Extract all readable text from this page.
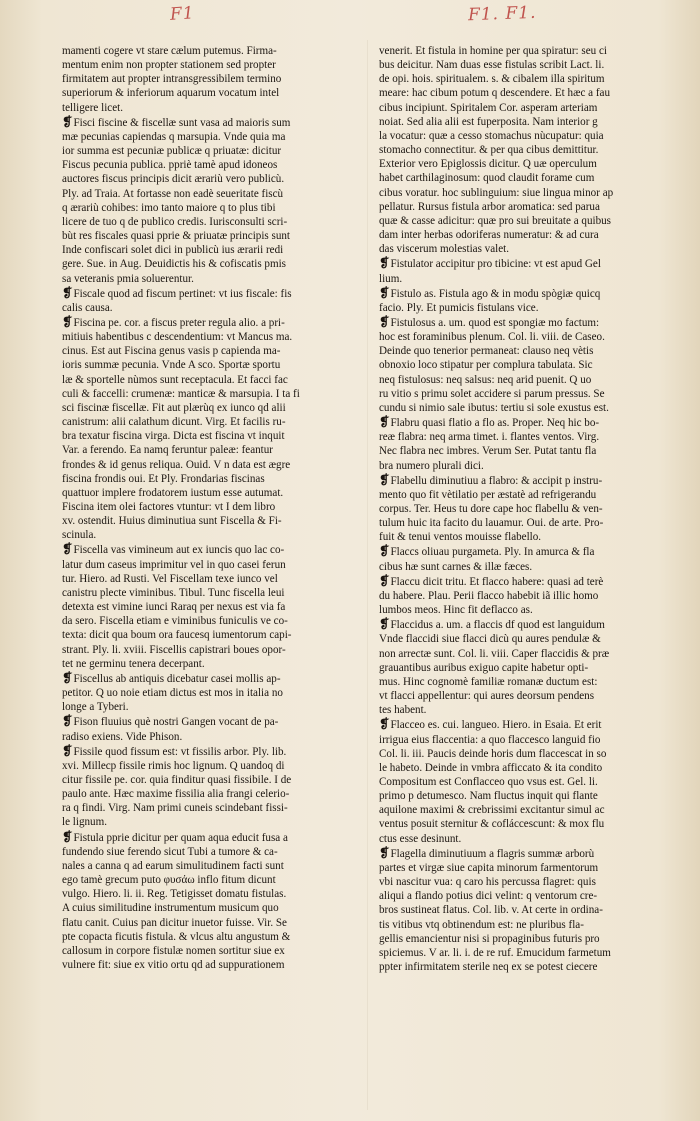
F1	F1. F1.
mamenti cogere vt stare cælum putemus. Firma-
mentum enim non propter stationem sed propter
firmitatem aut propter intransgressibilem termino
superiorum & inferiorum aquarum vocatum intel
telligere licet.
❡Fisci fiscine & fiscellæ sunt vasa ad maioris sum
mæ pecunias capiendas q marsupia. Vnde quia ma
ior summa est pecuniæ publicæ q priuatæ: dicitur
Fiscus pecunia publica. ppriè tamè apud idoneos
auctores fiscus principis dicit ærariù vero publicù.
Ply. ad Traia. At fortasse non eadè seueritate fiscù
q ærariù cohibes: imo tanto maiore q to plus tibi
licere de tuo q de publico credis. Iurisconsulti scri-
bùt res fiscales quasi pprie & priuatæ principis sunt
Inde confiscari solet dici in publicù ius ærarii redi
gere. Sue. in Aug. Deuidictis his & cofiscatis pmis
sa veteranis pmia soluerentur.
❡Fiscale quod ad fiscum pertinet: vt ius fiscale: fis
calis causa.
❡Fiscina pe. cor. a fiscus preter regula alio. a pri-
mitiuis habentibus c descendentium: vt Mancus ma.
cinus. Est aut Fiscina genus vasis p capienda ma-
ioris summæ pecunia. Vnde A sco. Sportæ sportu
læ & sportelle nùmos sunt receptacula. Et facci fac
culi & faccelli: crumenæ: manticæ & marsupia. I ta fi
sci fiscinæ fiscellæ. Fit aut plærùq ex iunco qd alii
canistrum: alii calathum dicunt. Virg. Et facilis ru-
bra texatur fiscina virga. Dicta est fiscina vt inquit
Var. a ferendo. Ea namq feruntur paleæ: feantur
frondes & id genus reliqua. Ouid. V n data est ægre
fiscina frondis oui. Et Ply. Frondarias fiscinas
quattuor implere frodatorem iustum esse autumat.
Fiscina item olei factores vtuntur: vt I dem libro
xv. ostendit. Huius diminutiua sunt Fiscella & Fi-
scinula.
❡Fiscella vas vimineum aut ex iuncis quo lac co-
latur dum caseus imprimitur vel in quo casei ferun
tur. Hiero. ad Rusti. Vel Fiscellam texe iunco vel
canistru plecte viminibus. Tibul. Tunc fiscella leui
detexta est vimine iunci Raraq per nexus est via fa
da sero. Fiscella etiam e viminibus funiculis ve co-
texta: dicit qua boum ora faucesq iumentorum capi-
strant. Ply. li. xviii. Fiscellis capistrari boues opor-
tet ne germinu tenera decerpant.
❡Fiscellus ab antiquis dicebatur casei mollis ap-
petitor. Q uo noie etiam dictus est mos in italia no
longe a Tyberi.
❡Fison fluuius què nostri Gangen vocant de pa-
radiso exiens. Vide Phison.
❡Fissile quod fissum est: vt fissilis arbor. Ply. lib.
xvi. Millecp fissile rimis hoc lignum. Q uandoq di
citur fissile pe. cor. quia finditur quasi fissibile. I de
paulo ante. Hæc maxime fissilia alia frangi celerio-
ra q findi. Virg. Nam primi cuneis scindebant fissi-
le lignum.
❡Fistula pprie dicitur per quam aqua educit fusa a
fundendo siue ferendo sicut Tubi a tumore & ca-
nales a canna q ad earum simulitudinem facti sunt
ego tamè grecum puto φυσάω inflo fitum dicunt
vulgo. Hiero. li. ii. Reg. Tetigisset domatu fistulas.
A cuius similitudine instrumentum musicum quo
flatu canit. Cuius pan dicitur inuetor fuisse. Vir. Se
pte copacta ficutis fistula. & vlcus altu angustum &
callosum in corpore fistulæ nomen sortitur siue ex
vulnere fit: siue ex vitio ortu qd ad suppurationem
venerit. Et fistula in homine per qua spiratur: seu ci
bus deicitur. Nam duas esse fistulas scribit Lact. li.
de opi. hois. spiritualem. s. & cibalem illa spiritum
meare: hac cibum potum q descendere. Et hæc a fau
cibus incipiunt. Spiritalem Cor. asperam arteriam
noiat. Sed alia alii est fuperposita. Nam interior g
la vocatur: quæ a cesso stomachus nùcupatur: quia
stomacho connectitur. & per qua cibus demittitur.
Exterior vero Epiglossis dicitur. Q uæ operculum
habet carthilaginosum: quod claudit forame cum
cibus voratur. hoc sublinguium: siue lingua minor ap
pellatur. Rursus fistula arbor aromatica: sed parua
quæ & casse adicitur: quæ pro sui breuitate a quibus
dam inter herbas odoriferas numeratur: & ad cura
das viscerum molestias valet.
❡Fistulator accipitur pro tibicine: vt est apud Gel
lium.
❡Fistulo as. Fistula ago & in modu spògiæ quicq
facio. Ply. Et pumicis fistulans vice.
❡Fistulosus a. um. quod est spongiæ mo factum:
hoc est foraminibus plenum. Col. li. viii. de Caseo.
Deinde quo tenerior permaneat: clauso neq vètis
obnoxio loco stipatur per complura tabulata. Sic
neq fistulosus: neq salsus: neq arid puenit. Q uo
ru vitio s primu solet accidere si parum pressus. Se
cundu si nimio sale ibutus: tertiu si sole exustus est.
❡Flabru quasi flatio a flo as. Proper. Neq hic bo-
reæ flabra: neq arma timet. i. flantes ventos. Virg.
Nec flabra nec imbres. Verum Ser. Putat tantu fla
bra numero plurali dici.
❡Flabellu diminutiuu a flabro: & accipit p instru-
mento quo fit vètilatio per æstatè ad refrigerandu
corpus. Ter. Heus tu dore cape hoc flabellu & ven-
tulum huic ita facito du lauamur. Oui. de arte. Pro-
fuit & tenui ventos mouisse flabello.
❡Flaccs oliuau purgameta. Ply. In amurca & fla
cibus hæ sunt carnes & illæ fæces.
❡Flaccu dicit tritu. Et flacco habere: quasi ad terè
du habere. Plau. Perii flacco habebit iã illic homo
lumbos meos. Hinc fit deflacco as.
❡Flaccidus a. um. a flaccis df quod est languidum
Vnde flaccidi siue flacci dicù qu aures pendulæ &
non arrectæ sunt. Col. li. viii. Caper flaccidis & præ
grauantibus auribus exiguo capite habetur opti-
mus. Hinc cognomè familiæ romanæ ductum est:
vt flacci appellentur: qui aures deorsum pendens
tes habent.
❡Flacceo es. cui. langueo. Hiero. in Esaia. Et erit
irrigua eius flaccentia: a quo flaccesco languid fio
Col. li. iii. Paucis deinde horis dum flaccescat in so
le habeto. Deinde in vmbra afficcato & ita condito
Compositum est Conflacceo quo vsus est. Gel. li.
primo p detumesco. Nam fluctus inquit qui flante
aquilone maximi & crebrissimi excitantur simul ac
ventus posuit sternitur & cofláccescunt: & mox flu
ctus esse desinunt.
❡Flagella diminutiuum a flagris summæ arborù
partes et virgæ siue capita minorum farmentorum
vbi nascitur vua: q caro his percussa flagret: quis
aliqui a flando potius dici velint: q ventorum cre-
bros sustineat flatus. Col. lib. v. At certe in ordina-
tis vitibus vtq obtinendum est: ne pluribus fla-
gellis emancientur nisi si propaginibus futuris pro
spiciemus. V ar. li. i. de re ruf. Emucidum farmetum
ppter infirmitatem sterile neq ex se potest ciecere
